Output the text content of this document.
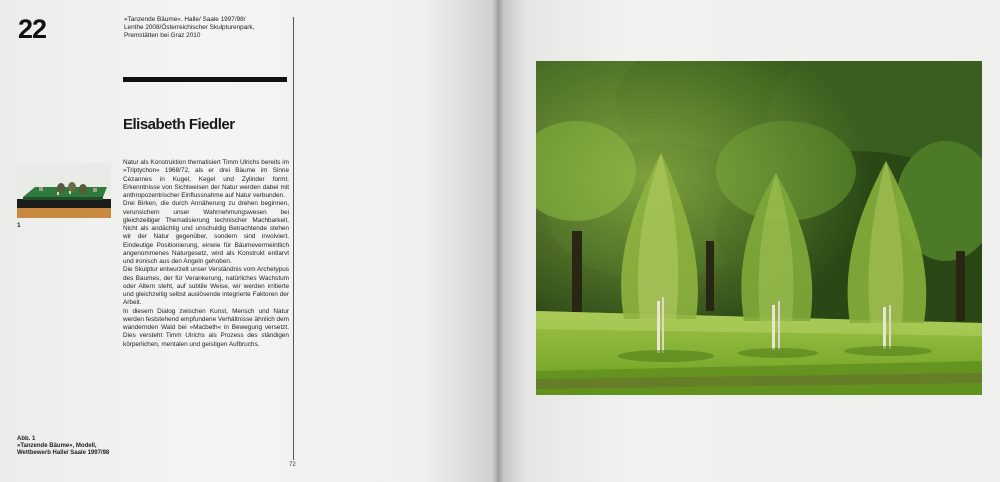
22	»Tanzende Bäume«. Halle/ Saale 1997/98/
Lenthe 2008/Österreichischer Skulpturenpark,
Premstätten bei Graz 2010
Elisabeth Fiedler
1

Natur als Konstruktion thematisiert Timm Ulrichs bereits im »Triptychon« 1968/72, als er drei Bäume im Sinne Cézannes in Kugel, Kegel und Zylinder formt. Erkenntnisse von Sichtweisen der Natur werden dabei mit anthropozentrischer Einflussnahme auf Natur verbunden.

Drei Birken, die durch Annäherung zu drehen beginnen, verunsichern unser Wahrnehmungswesen bei gleichzeitiger Thematisierung technischer Machbarkeit. Nicht als andächtig und unschuldig Betrachtende stehen wir der Natur gegenüber, sondern sind involviert. Eindeutige Positionierung, einwie für Bäumevermeintlich angenommenes Naturgesetz, wird als Konstrukt entlarvt und ironisch aus den Angeln gehoben.

Die Skulptur entwurzelt unser Verständnis vom Archetypus des Baumes, der für Verankerung, natürliches Wachstum oder Altern steht, auf subtile Weise, wir werden irritierte und gleichzeitig selbst auslösende integrierte Faktoren der Arbeit.

In diesem Dialog zwischen Kunst, Mensch und Natur werden feststehend empfundene Verhältnisse ähnlich dem wandernden Wald bei »Macbeth« in Bewegung versetzt. Dies versteht Timm Ulrichs als Prozess des ständigen körperlichen, mentalen und geistigen Aufbruchs.

Abb. 1
»Tanzende Bäume«, Modell,
Wettbewerb Halle/ Saale 1997/98
72
